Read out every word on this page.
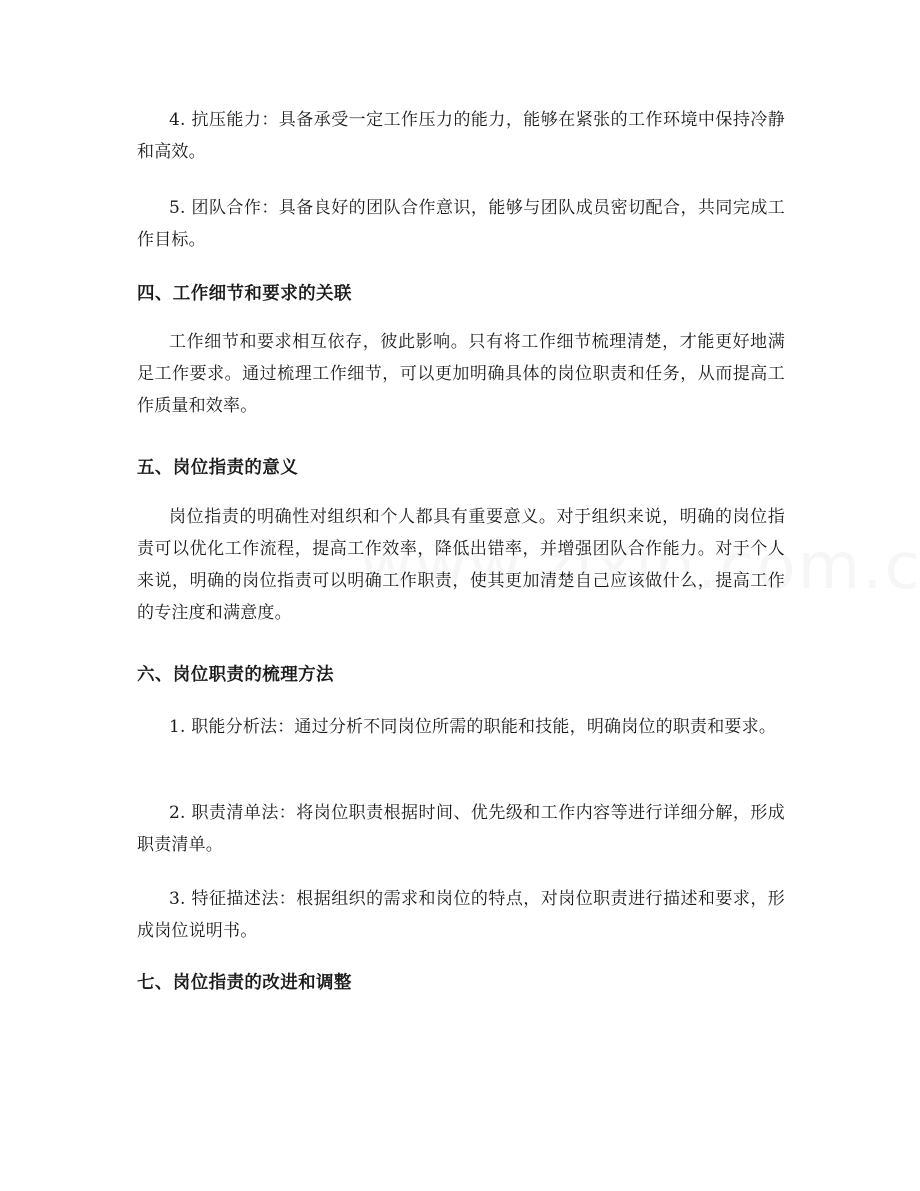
4. 抗压能力：具备承受一定工作压力的能力，能够在紧张的工作环境中保持冷静和高效。

5. 团队合作：具备良好的团队合作意识，能够与团队成员密切配合，共同完成工作目标。

四、工作细节和要求的关联

工作细节和要求相互依存，彼此影响。只有将工作细节梳理清楚，才能更好地满足工作要求。通过梳理工作细节，可以更加明确具体的岗位职责和任务，从而提高工作质量和效率。

五、岗位指责的意义

岗位指责的明确性对组织和个人都具有重要意义。对于组织来说，明确的岗位指责可以优化工作流程，提高工作效率，降低出错率，并增强团队合作能力。对于个人来说，明确的岗位指责可以明确工作职责，使其更加清楚自己应该做什么，提高工作的专注度和满意度。

六、岗位职责的梳理方法

1. 职能分析法：通过分析不同岗位所需的职能和技能，明确岗位的职责和要求。

2. 职责清单法：将岗位职责根据时间、优先级和工作内容等进行详细分解，形成职责清单。

3. 特征描述法：根据组织的需求和岗位的特点，对岗位职责进行描述和要求，形成岗位说明书。

七、岗位指责的改进和调整
